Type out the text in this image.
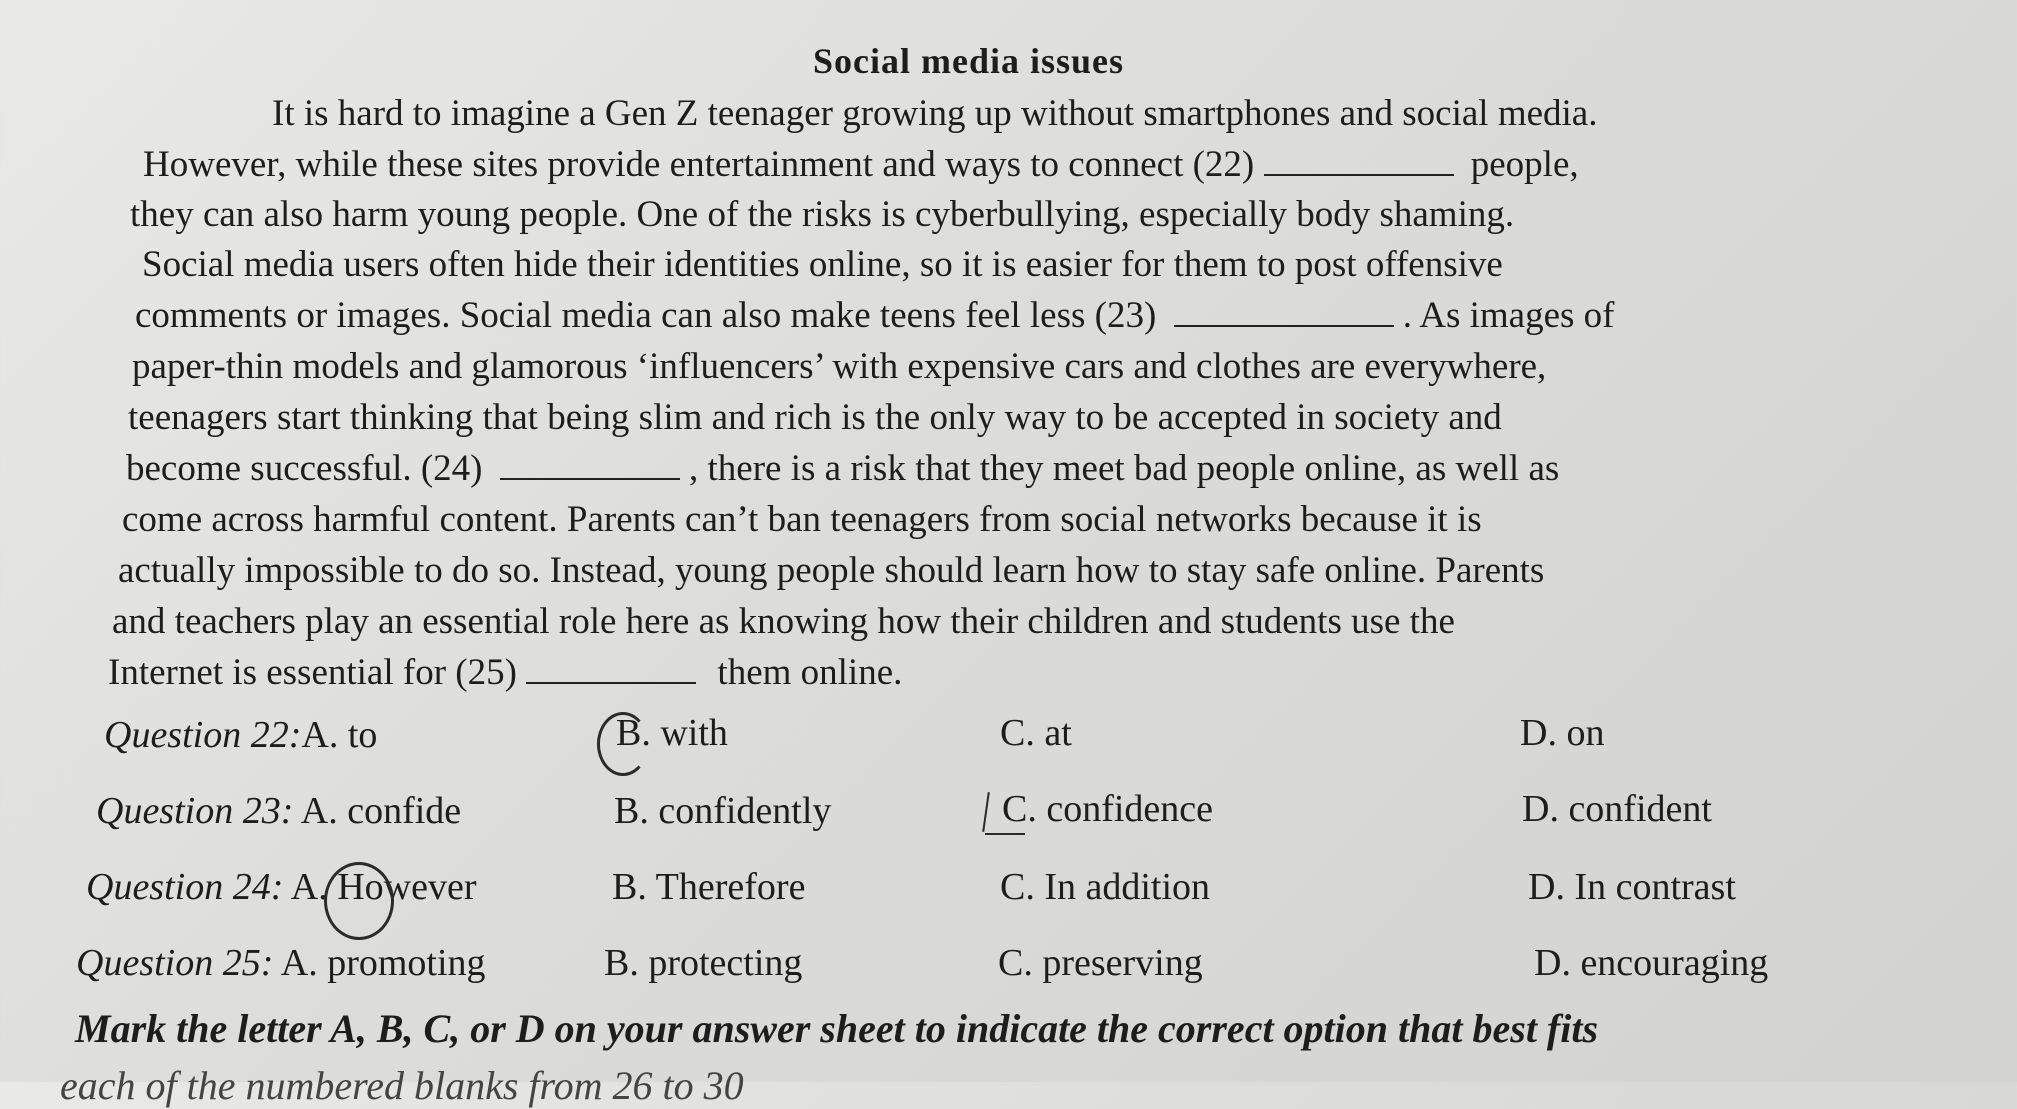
Social media issues
It is hard to imagine a Gen Z teenager growing up without smartphones and social media.
However, while these sites provide entertainment and ways to connect (22)	people,
they can also harm young people. One of the risks is cyberbullying, especially body shaming.
Social media users often hide their identities online, so it is easier for them to post offensive
comments or images. Social media can also make teens feel less (23)	. As images of
paper-thin models and glamorous ‘influencers’ with expensive cars and clothes are everywhere,
teenagers start thinking that being slim and rich is the only way to be accepted in society and
become successful. (24)	, there is a risk that they meet bad people online, as well as
come across harmful content. Parents can’t ban teenagers from social networks because it is
actually impossible to do so. Instead, young people should learn how to stay safe online. Parents
and teachers play an essential role here as knowing how their children and students use the
Internet is essential for (25)	them online.
Question 22:A. to	B. with	C. at	D. on
Question 23: A. confide	B. confidently	C. confidence	D. confident
Question 24: A. However	B. Therefore	C. In addition	D. In contrast
Question 25: A. promoting	B. protecting	C. preserving	D. encouraging
Mark the letter A, B, C, or D on your answer sheet to indicate the correct option that best fits
each of the numbered blanks from 26 to 30
